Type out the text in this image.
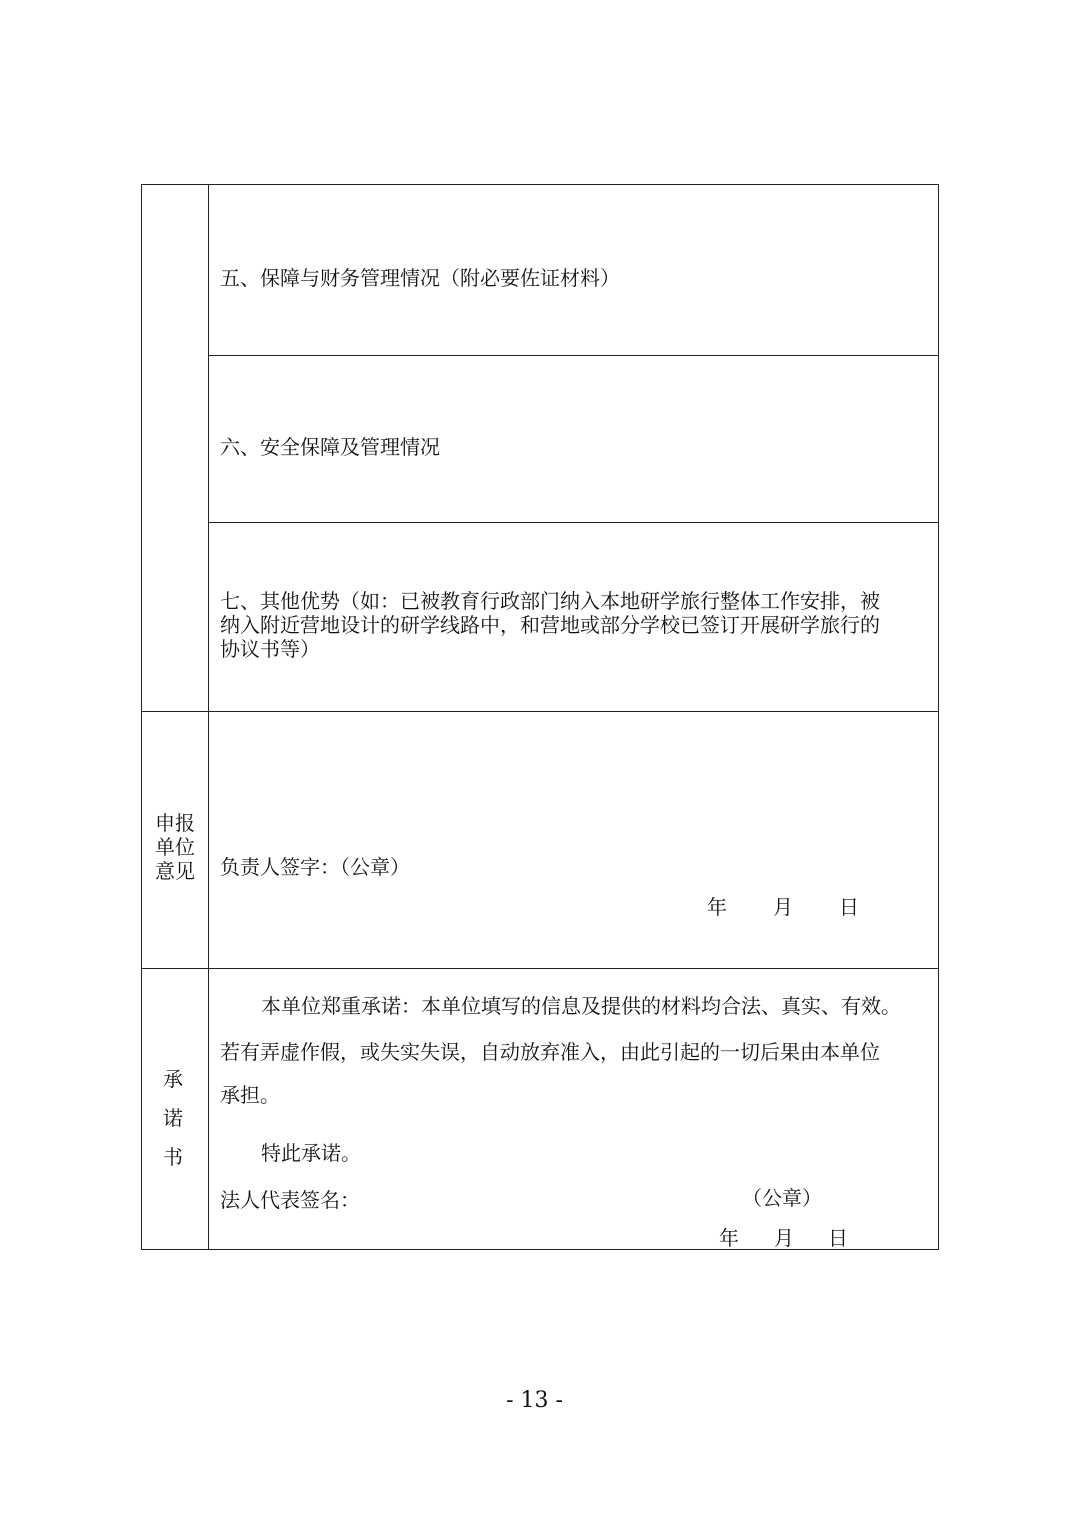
五、保障与财务管理情况（附必要佐证材料）
六、安全保障及管理情况
七、其他优势（如：已被教育行政部门纳入本地研学旅行整体工作安排，被
纳入附近营地设计的研学线路中，和营地或部分学校已签订开展研学旅行的
协议书等）
申报
单位
意见	负责人签字：（公章）
年 月 日
承
诺
书
本单位郑重承诺：本单位填写的信息及提供的材料均合法、真实、有效。
若有弄虚作假，或失实失误，自动放弃准入，由此引起的一切后果由本单位
承担。
特此承诺。
法人代表签名：	（公章）
年 月 日
- 13 -
